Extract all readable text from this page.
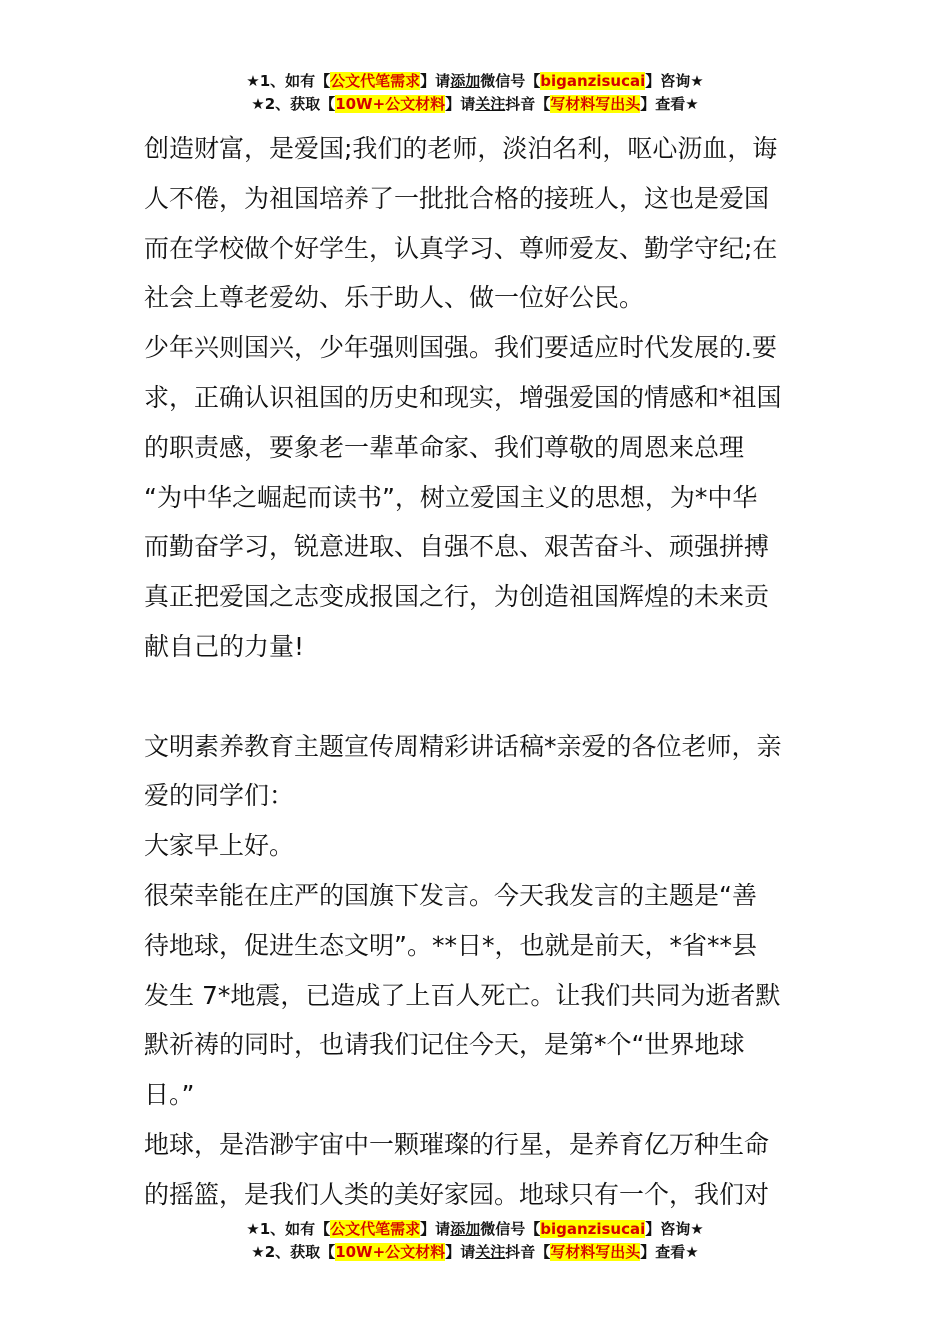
★1、如有【公文代笔需求】请添加微信号【biganzisucai】咨询★
★2、获取【10W+公文材料】请关注抖音【写材料写出头】查看★

创造财富，是爱国;我们的老师，淡泊名利，呕心沥血，诲

人不倦，为祖国培养了一批批合格的接班人，这也是爱国

而在学校做个好学生，认真学习、尊师爱友、勤学守纪;在

社会上尊老爱幼、乐于助人、做一位好公民。

少年兴则国兴，少年强则国强。我们要适应时代发展的.要

求，正确认识祖国的历史和现实，增强爱国的情感和*祖国

的职责感，要象老一辈革命家、我们尊敬的周恩来总理

“为中华之崛起而读书”，树立爱国主义的思想，为*中华

而勤奋学习，锐意进取、自强不息、艰苦奋斗、顽强拼搏

真正把爱国之志变成报国之行，为创造祖国辉煌的未来贡

献自己的力量!

文明素养教育主题宣传周精彩讲话稿*亲爱的各位老师，亲

爱的同学们：

大家早上好。

很荣幸能在庄严的国旗下发言。今天我发言的主题是“善

待地球，促进生态文明”。**日*，也就是前天，*省**县

发生 7*地震，已造成了上百人死亡。让我们共同为逝者默

默祈祷的同时，也请我们记住今天，是第*个“世界地球

日。”

地球，是浩渺宇宙中一颗璀璨的行星，是养育亿万种生命

的摇篮，是我们人类的美好家园。地球只有一个，我们对

★1、如有【公文代笔需求】请添加微信号【biganzisucai】咨询★
★2、获取【10W+公文材料】请关注抖音【写材料写出头】查看★
